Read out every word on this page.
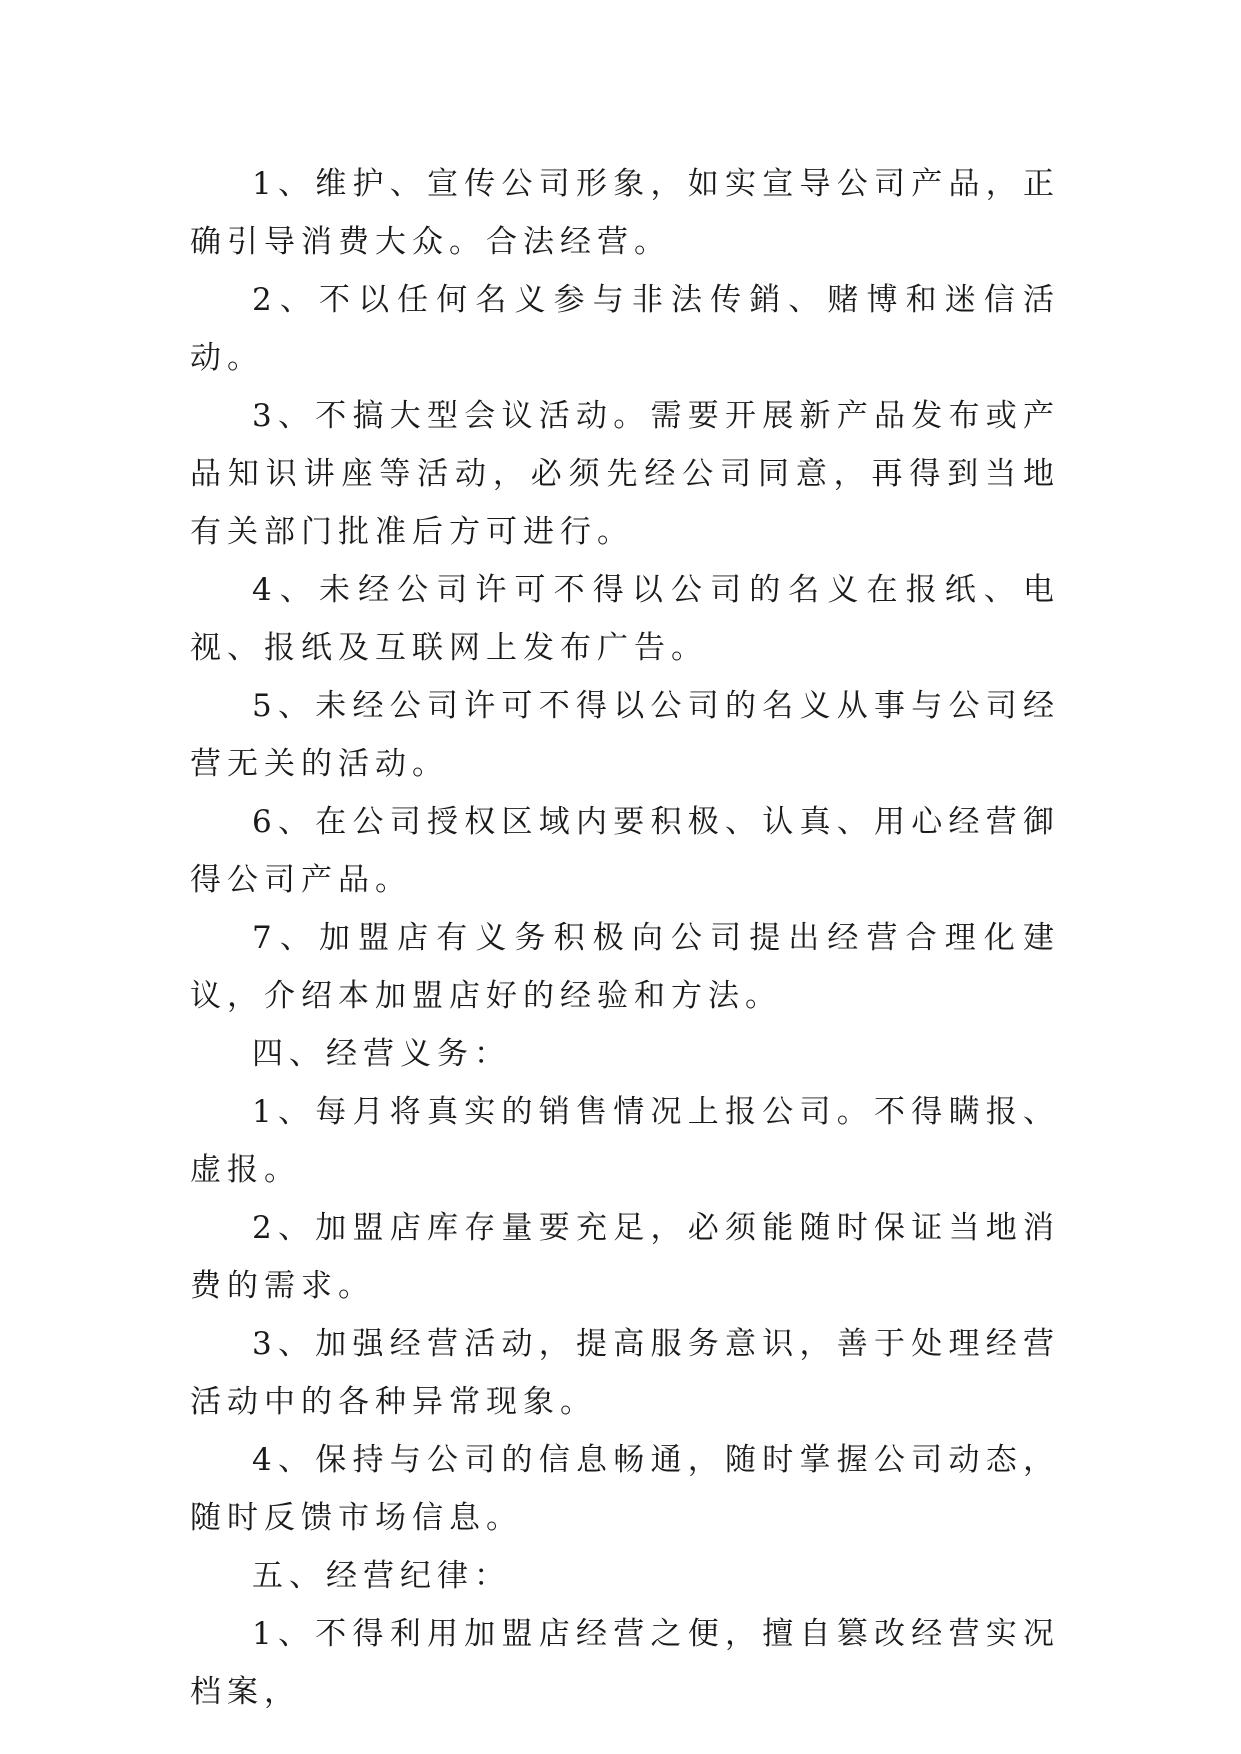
1、维护、宣传公司形象，如实宣导公司产品，正确引导消费大众。合法经营。

2、不以任何名义参与非法传銷、赌博和迷信活动。

3、不搞大型会议活动。需要开展新产品发布或产品知识讲座等活动，必须先经公司同意，再得到当地有关部门批准后方可进行。

4、未经公司许可不得以公司的名义在报纸、电视、报纸及互联网上发布广告。

5、未经公司许可不得以公司的名义从事与公司经营无关的活动。

6、在公司授权区域内要积极、认真、用心经营御得公司产品。

7、加盟店有义务积极向公司提出经营合理化建议，介绍本加盟店好的经验和方法。

四、经营义务：

1、每月将真实的销售情况上报公司。不得瞒报、虚报。

2、加盟店库存量要充足，必须能随时保证当地消费的需求。

3、加强经营活动，提高服务意识，善于处理经营活动中的各种异常现象。

4、保持与公司的信息畅通，随时掌握公司动态，随时反馈市场信息。

五、经营纪律：

1、不得利用加盟店经营之便，擅自篡改经营实况档案，
